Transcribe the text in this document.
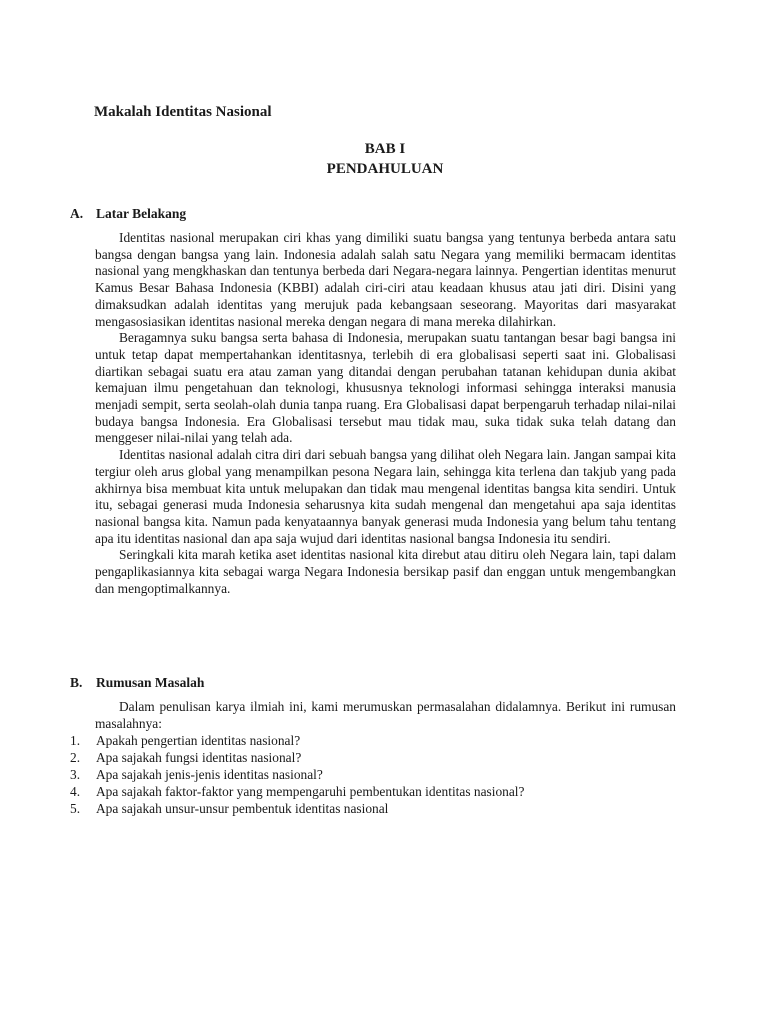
Makalah Identitas Nasional
BAB I
PENDAHULUAN
A. Latar Belakang

Identitas nasional merupakan ciri khas yang dimiliki suatu bangsa yang tentunya berbeda antara satu bangsa dengan bangsa yang lain. Indonesia adalah salah satu Negara yang memiliki bermacam identitas nasional yang mengkhaskan dan tentunya berbeda dari Negara-negara lainnya. Pengertian identitas menurut Kamus Besar Bahasa Indonesia (KBBI) adalah ciri-ciri atau keadaan khusus atau jati diri. Disini yang dimaksudkan adalah identitas yang merujuk pada kebangsaan seseorang. Mayoritas dari masyarakat mengasosiasikan identitas nasional mereka dengan negara di mana mereka dilahirkan.

Beragamnya suku bangsa serta bahasa di Indonesia, merupakan suatu tantangan besar bagi bangsa ini untuk tetap dapat mempertahankan identitasnya, terlebih di era globalisasi seperti saat ini. Globalisasi diartikan sebagai suatu era atau zaman yang ditandai dengan perubahan tatanan kehidupan dunia akibat kemajuan ilmu pengetahuan dan teknologi, khususnya teknologi informasi sehingga interaksi manusia menjadi sempit, serta seolah-olah dunia tanpa ruang. Era Globalisasi dapat berpengaruh terhadap nilai-nilai budaya bangsa Indonesia. Era Globalisasi tersebut mau tidak mau, suka tidak suka telah datang dan menggeser nilai-nilai yang telah ada.

Identitas nasional adalah citra diri dari sebuah bangsa yang dilihat oleh Negara lain. Jangan sampai kita tergiur oleh arus global yang menampilkan pesona Negara lain, sehingga kita terlena dan takjub yang pada akhirnya bisa membuat kita untuk melupakan dan tidak mau mengenal identitas bangsa kita sendiri. Untuk itu, sebagai generasi muda Indonesia seharusnya kita sudah mengenal dan mengetahui apa saja identitas nasional bangsa kita. Namun pada kenyataannya banyak generasi muda Indonesia yang belum tahu tentang apa itu identitas nasional dan apa saja wujud dari identitas nasional bangsa Indonesia itu sendiri.

Seringkali kita marah ketika aset identitas nasional kita direbut atau ditiru oleh Negara lain, tapi dalam pengaplikasiannya kita sebagai warga Negara Indonesia bersikap pasif dan enggan untuk mengembangkan dan mengoptimalkannya.

B.	Rumusan Masalah

Dalam penulisan karya ilmiah ini, kami merumuskan permasalahan didalamnya. Berikut ini rumusan masalahnya:

1.	Apakah pengertian identitas nasional?
2.	Apa sajakah fungsi identitas nasional?
3.	Apa sajakah jenis-jenis identitas nasional?
4.	Apa sajakah faktor-faktor yang mempengaruhi pembentukan identitas nasional?
5.	Apa sajakah unsur-unsur pembentuk identitas nasional
